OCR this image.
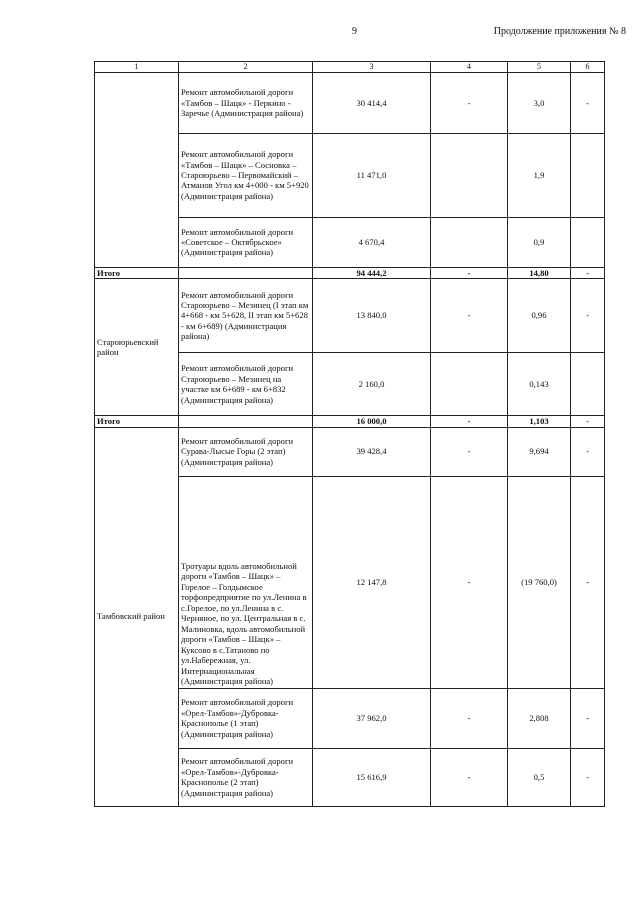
9	Продолжение приложения № 8
1	2	3	4	5	6
	Ремонт автомобильной дороги «Тамбов – Шацк» - Перкино - Заречье (Администрация района)	30 414,4	-	3,0	-
	Ремонт автомобильной дороги «Тамбов – Шацк» – Сосновка – Староюрьево – Первомайский – Атманов Угол км 4+000 - км 5+920 (Администрация района)	11 471,0		1,9	
	Ремонт автомобильной дороги «Советское – Октябрьское» (Администрация района)	4 670,4		0,9	
Итого		94 444,2	-	14,80	-
Староюрьевский район	Ремонт автомобильной дороги Староюрьево – Мезинец (I этап км 4+668 - км 5+628, II этап км 5+628 - км 6+689) (Администрация района)	13 840,0	-	0,96	-
	Ремонт автомобильной дороги Староюрьево – Мезинец на участке км 6+689 - км 6+832 (Администрация района)	2 160,0		0,143	
Итого		16 000,0	-	1,103	-
Тамбовский район	Ремонт автомобильной дороги Сурава-Лысые Горы (2 этап) (Администрация района)	39 428,4	-	9,694	-
	Тротуары вдоль автомобильной дороги «Тамбов – Шацк» – Горелое – Голдымское торфопредприятие по ул.Ленина в с.Горелое, по ул.Ленина в с. Черняное, по ул. Центральная в с. Малиновка, вдоль автомобильной дороги «Тамбов – Шацк» – Куксово в с.Татаново по ул.Набережная, ул. Интернациональная (Администрация района)	12 147,8	-	(19 760,0)	-
	Ремонт автомобильной дороги «Орел-Тамбов»-Дубровка-Краснополье (1 этап) (Администрация района)	37 962,0	-	2,808	-
	Ремонт автомобильной дороги «Орел-Тамбов»-Дубровка-Краснополье (2 этап) (Администрация района)	15 616,9	-	0,5	-
